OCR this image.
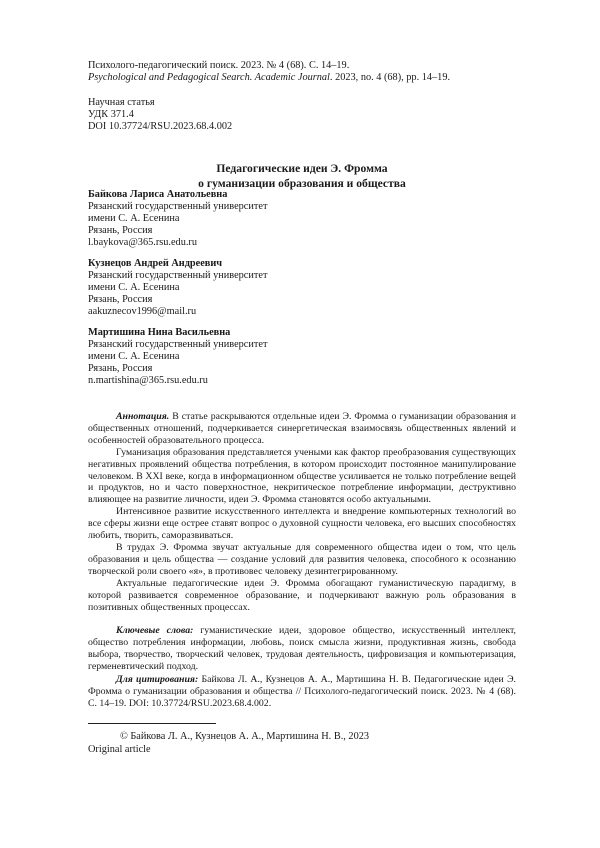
Психолого-педагогический поиск. 2023. № 4 (68). С. 14–19.

Psychological and Pedagogical Search. Academic Journal. 2023, no. 4 (68), pp. 14–19.

Научная статья

УДК 371.4

DOI 10.37724/RSU.2023.68.4.002

Педагогические идеи Э. Фромма

о гуманизации образования и общества

Байкова Лариса Анатольевна

Рязанский государственный университет

имени С. А. Есенина

Рязань, Россия

l.baykova@365.rsu.edu.ru

Кузнецов Андрей Андреевич

Рязанский государственный университет

имени С. А. Есенина

Рязань, Россия

aakuznecov1996@mail.ru

Мартишина Нина Васильевна

Рязанский государственный университет

имени С. А. Есенина

Рязань, Россия

n.martishina@365.rsu.edu.ru

Аннотация. В статье раскрываются отдельные идеи Э. Фромма о гуманизации образования и общественных отношений, подчеркивается синергетическая взаимосвязь общественных явлений и особенностей образовательного процесса.

Гуманизация образования представляется учеными как фактор преобразования существующих негативных проявлений общества потребления, в котором происходит постоянное манипулирование человеком. В XXI веке, когда в информационном обществе усиливается не только потребление вещей и продуктов, но и часто поверхностное, некритическое потребление информации, деструктивно влияющее на развитие личности, идеи Э. Фромма становятся особо актуальными.

Интенсивное развитие искусственного интеллекта и внедрение компьютерных технологий во все сферы жизни еще острее ставят вопрос о духовной сущности человека, его высших способностях любить, творить, саморазвиваться.

В трудах Э. Фромма звучат актуальные для современного общества идеи о том, что цель образования и цель общества — создание условий для развития человека, способного к осознанию творческой роли своего «я», в противовес человеку дезинтегрированному.

Актуальные педагогические идеи Э. Фромма обогащают гуманистическую парадигму, в которой развивается современное образование, и подчеркивают важную роль образования в позитивных общественных процессах.

Ключевые слова: гуманистические идеи, здоровое общество, искусственный интеллект, общество потребления информации, любовь, поиск смысла жизни, продуктивная жизнь, свобода выбора, творчество, творческий человек, трудовая деятельность, цифровизация и компьютеризация, герменевтический подход.

Для цитирования: Байкова Л. А., Кузнецов А. А., Мартишина Н. В. Педагогические идеи Э. Фромма о гуманизации образования и общества // Психолого-педагогический поиск. 2023. № 4 (68). С. 14–19. DOI: 10.37724/RSU.2023.68.4.002.

© Байкова Л. А., Кузнецов А. А., Мартишина Н. В., 2023

Original article
